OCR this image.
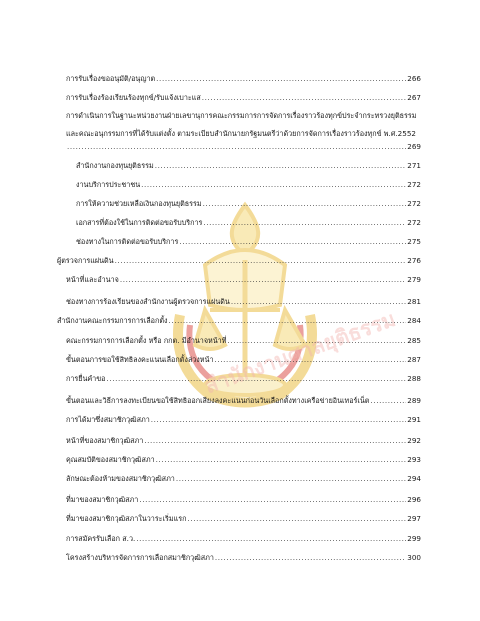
สำนักงานศาลยุติธรรม
การรับเรื่องขออนุมัติ/อนุญาต .....	266
การรับเรื่องร้องเรียนร้องทุกข์/รับแจ้งเบาะแส .....	267
การดำเนินการในฐานะหน่วยงานฝ่ายเลขานุการคณะกรรมการการจัดการเรื่องราวร้องทุกข์ประจำกระทรวงยุติธรรม
และคณะอนุกรรมการที่ได้รับแต่งตั้ง ตามระเบียบสำนักนายกรัฐมนตรีว่าด้วยการจัดการเรื่องราวร้องทุกข์ พ.ศ.2552
.....
269
สำนักงานกองทุนยุติธรรม .....	271
งานบริการประชาชน .....	272
การให้ความช่วยเหลือเงินกองทุนยุติธรรม .....	272
เอกสารที่ต้องใช้ในการติดต่อขอรับบริการ .....	272
ช่องทางในการติดต่อขอรับบริการ .....	275
ผู้ตรวจการแผ่นดิน .....	276
หน้าที่และอำนาจ .....	279
ช่องทางการร้องเรียนของสำนักงานผู้ตรวจการแผ่นดิน .....	281
สำนักงานคณะกรรมการการเลือกตั้ง .....	284
คณะกรรมการการเลือกตั้ง หรือ กกต. มีอำนาจหน้าที่ .....	285
ขั้นตอนการขอใช้สิทธิลงคะแนนเลือกตั้งล่วงหน้า .....	287
การยื่นคำขอ .....	288
ขั้นตอนและวิธีการลงทะเบียนขอใช้สิทธิออกเสียงลงคะแนนก่อนวันเลือกตั้งทางเครือข่ายอินเทอร์เน็ต .....	289
การได้มาซึ่งสมาชิกวุฒิสภา .....	291
หน้าที่ของสมาชิกวุฒิสภา .....	292
คุณสมบัติของสมาชิกวุฒิสภา .....	293
ลักษณะต้องห้ามของสมาชิกวุฒิสภา .....	294
ที่มาของสมาชิกวุฒิสภา .....	296
ที่มาของสมาชิกวุฒิสภาในวาระเริ่มแรก .....	297
การสมัครรับเลือก ส.ว. .....	299
โครงสร้างบริหารจัดการการเลือกสมาชิกวุฒิสภา .....	300
